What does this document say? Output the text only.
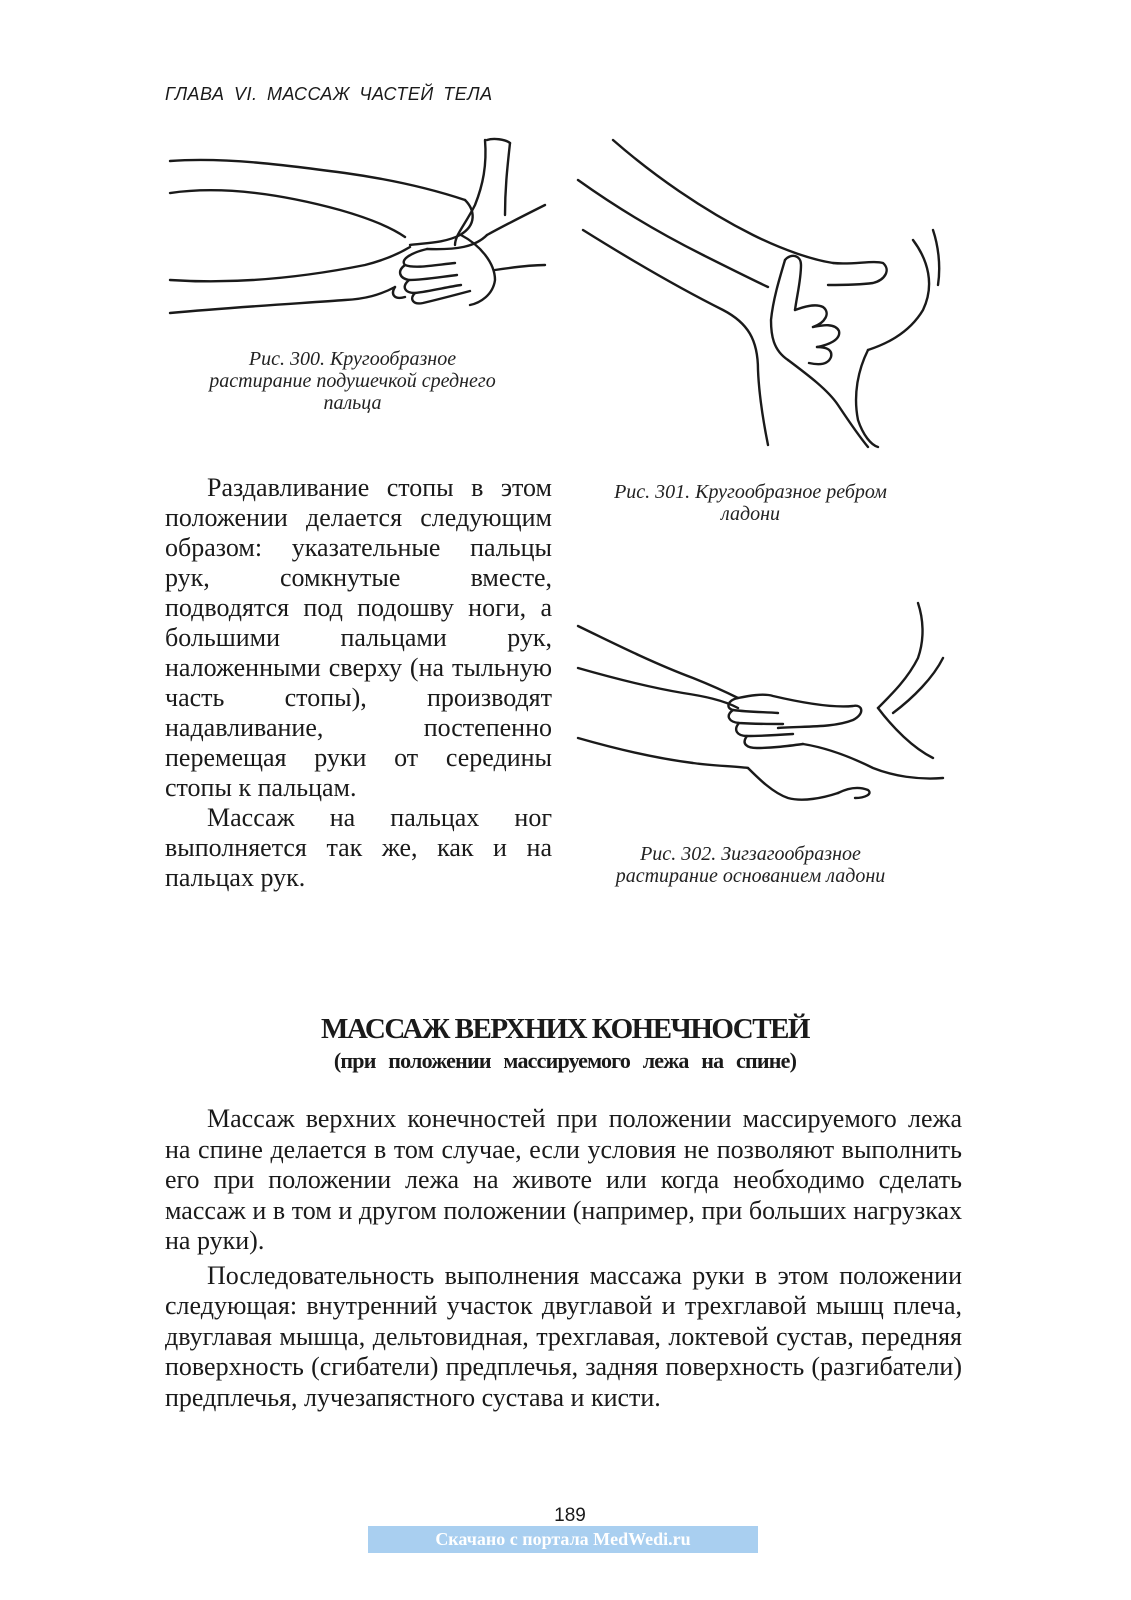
ГЛАВА VI. МАССАЖ ЧАСТЕЙ ТЕЛА
Рис. 300. Кругообразное
растирание подушечкой среднего
пальца
Рис. 301. Кругообразное ребром
ладони
Рис. 302. Зигзагообразное
растирание основанием ладони

Раздавливание стопы в этом положении делается следующим образом: указательные пальцы рук, сомкнутые вместе, подводятся под подошву ноги, а большими пальцами рук, наложенными сверху (на тыльную часть стопы), производят надавливание, постепенно перемещая руки от середины стопы к пальцам.

Массаж на пальцах ног выполняется так же, как и на пальцах рук.

МАССАЖ ВЕРХНИХ КОНЕЧНОСТЕЙ
(при положении массируемого лежа на спине)

Массаж верхних конечностей при положении массируемого лежа на спине делается в том случае, если условия не позволяют выполнить его при положении лежа на животе или когда необходимо сделать массаж и в том и другом положении (например, при больших нагрузках на руки).

Последовательность выполнения массажа руки в этом положении следующая: внутренний участок двуглавой и трехглавой мышц плеча, двуглавая мышца, дельтовидная, трехглавая, локтевой сустав, передняя поверхность (сгибатели) предплечья, задняя поверхность (разгибатели) предплечья, лучезапястного сустава и кисти.

189
Скачано с портала MedWedi.ru
